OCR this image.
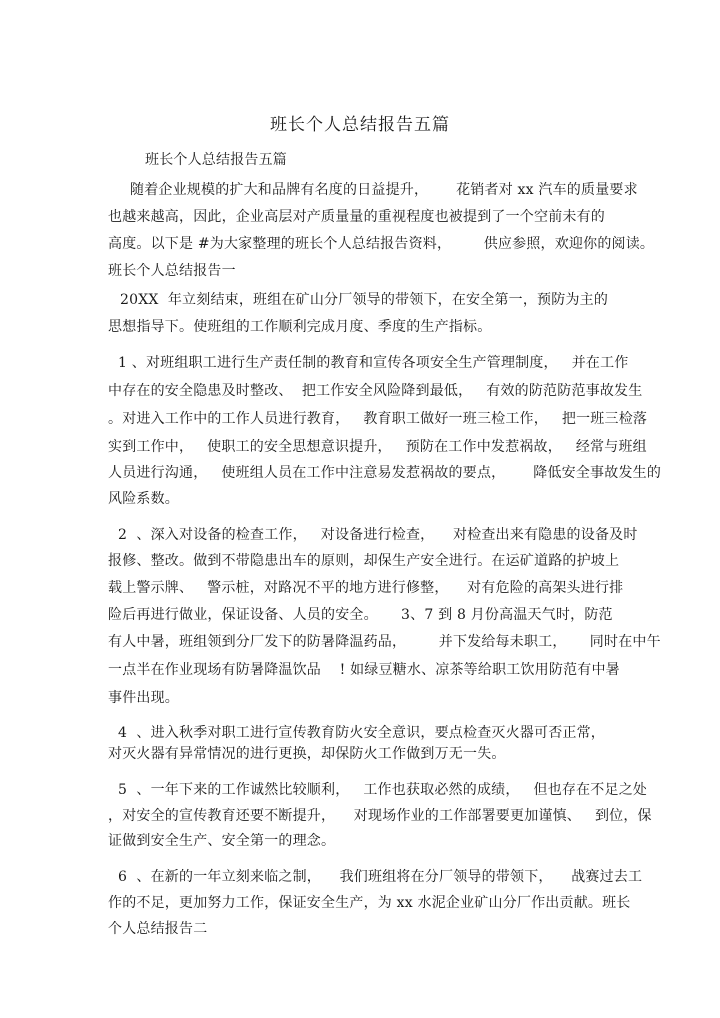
班长个人总结报告五篇
班长个人总结报告五篇
随着企业规模的扩大和品牌有名度的日益提升，      花销者对 xx 汽车的质量要求
也越来越高，因此，企业高层对产质量量的重视程度也被提到了一个空前未有的
高度。以下是 #为大家整理的班长个人总结报告资料，       供应参照，欢迎你的阅读。
班长个人总结报告一
20XX  年立刻结束，班组在矿山分厂领导的带领下，在安全第一，预防为主的
思想指导下。使班组的工作顺利完成月度、季度的生产指标。
1 、对班组职工进行生产责任制的教育和宣传各项安全生产管理制度，   并在工作
中存在的安全隐患及时整改、  把工作安全风险降到最低，   有效的防范防范事故发生
。对进入工作中的工作人员进行教育，   教育职工做好一班三检工作，   把一班三检落
实到工作中，   使职工的安全思想意识提升，   预防在工作中发惹祸故，   经常与班组
人员进行沟通，   使班组人员在工作中注意易发惹祸故的要点，      降低安全事故发生的
风险系数。
2  、深入对设备的检查工作，   对设备进行检查，    对检查出来有隐患的设备及时
报修、整改。做到不带隐患出车的原则，却保生产安全进行。在运矿道路的护坡上
载上警示牌、   警示桩，对路况不平的地方进行修整，    对有危险的高架头进行排
险后再进行做业，保证设备、人员的安全。     3、7 到 8 月份高温天气时，防范
有人中暑，班组领到分厂发下的防暑降温药品，       并下发给每未职工，     同时在中午
一点半在作业现场有防暑降温饮品    ! 如绿豆糖水、凉茶等给职工饮用防范有中暑
事件出现。
4  、进入秋季对职工进行宣传教育防火安全意识，要点检查灭火器可否正常，
对灭火器有异常情况的进行更换，却保防火工作做到万无一失。
5  、一年下来的工作诚然比较顺利，   工作也获取必然的成绩，   但也存在不足之处
，对安全的宣传教育还要不断提升，    对现场作业的工作部署要更加谨慎、   到位，保
证做到安全生产、安全第一的理念。
6  、在新的一年立刻来临之制，    我们班组将在分厂领导的带领下，    战赛过去工
作的不足，更加努力工作，保证安全生产，为 xx 水泥企业矿山分厂作出贡献。班长
个人总结报告二
